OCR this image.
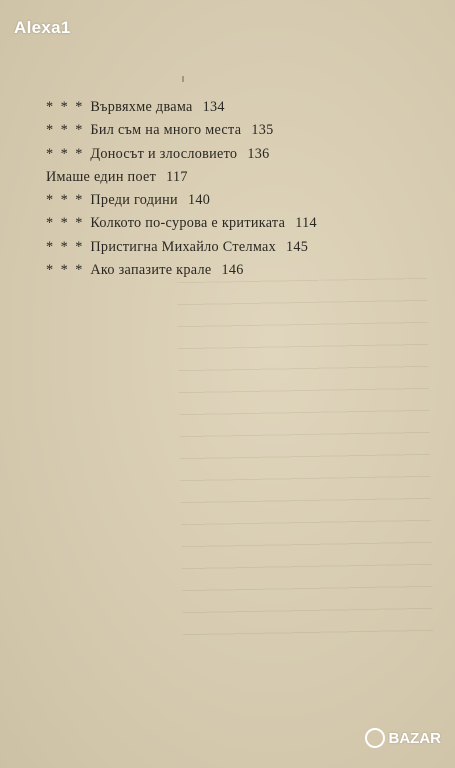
* * * Вървяхме двама 134
* * * Бил съм на много места 135
* * * Доносът и злословието 136
Имаше един поет 117
* * * Преди години 140
* * * Колкото по-сурова е критиката 114
* * * Пристигна Михайло Стелмах 145
* * * Ако запазите крале 146
Alexa1
BAZAR
